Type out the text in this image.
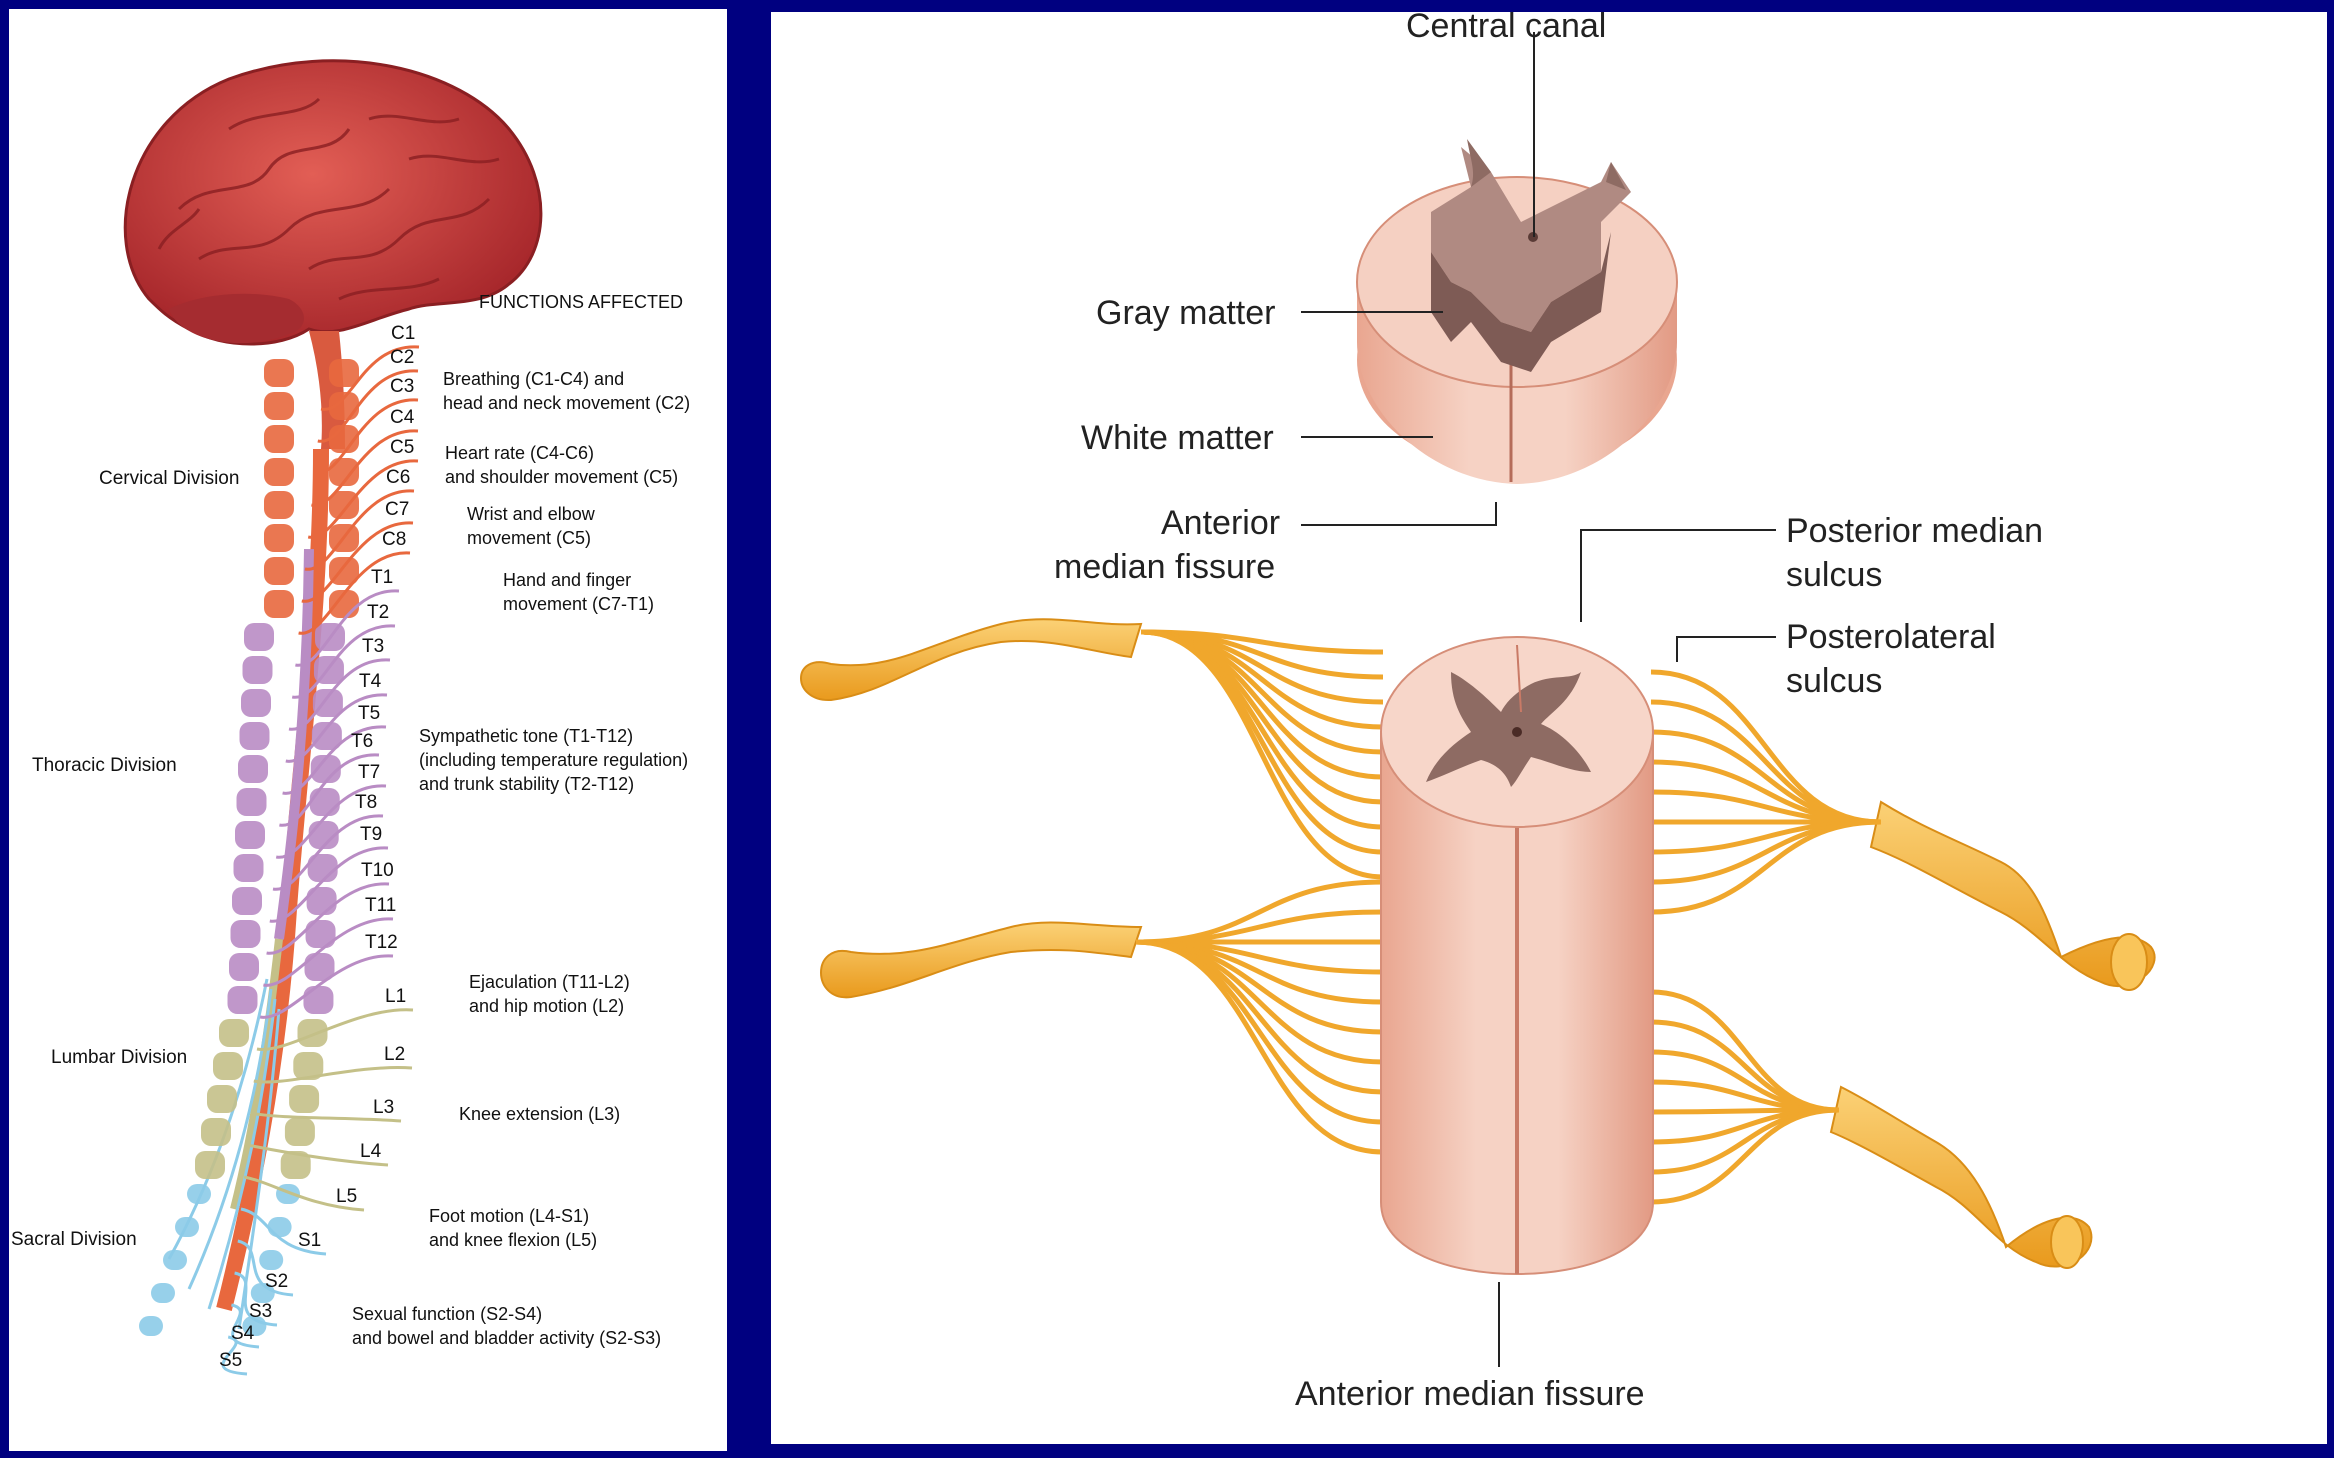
C1
C2
C3
C4
C5
C6
C7
C8
T1
T2
T3
T4
T5
T6
T7
T8
T9
T10
T11
T12
L1
L2
L3
L4
L5
S1
S2
S3
S4
S5
FUNCTIONS AFFECTED
Cervical Division
Thoracic Division
Lumbar Division
Sacral Division
Breathing (C1-C4) and
head and neck movement (C2)
Heart rate (C4-C6)
and shoulder movement (C5)
Wrist and elbow
movement (C5)
Hand and finger
movement (C7-T1)
Sympathetic tone (T1-T12)
(including temperature regulation)
and trunk stability (T2-T12)
Ejaculation (T11-L2)
and hip motion (L2)
Knee extension (L3)
Foot motion (L4-S1)
and knee flexion (L5)
Sexual function (S2-S4)
and bowel and bladder activity (S2-S3)
Central canal
Gray matter
White matter
Anterior
median fissure
Posterior median
sulcus
Posterolateral
sulcus
Anterior median fissure
